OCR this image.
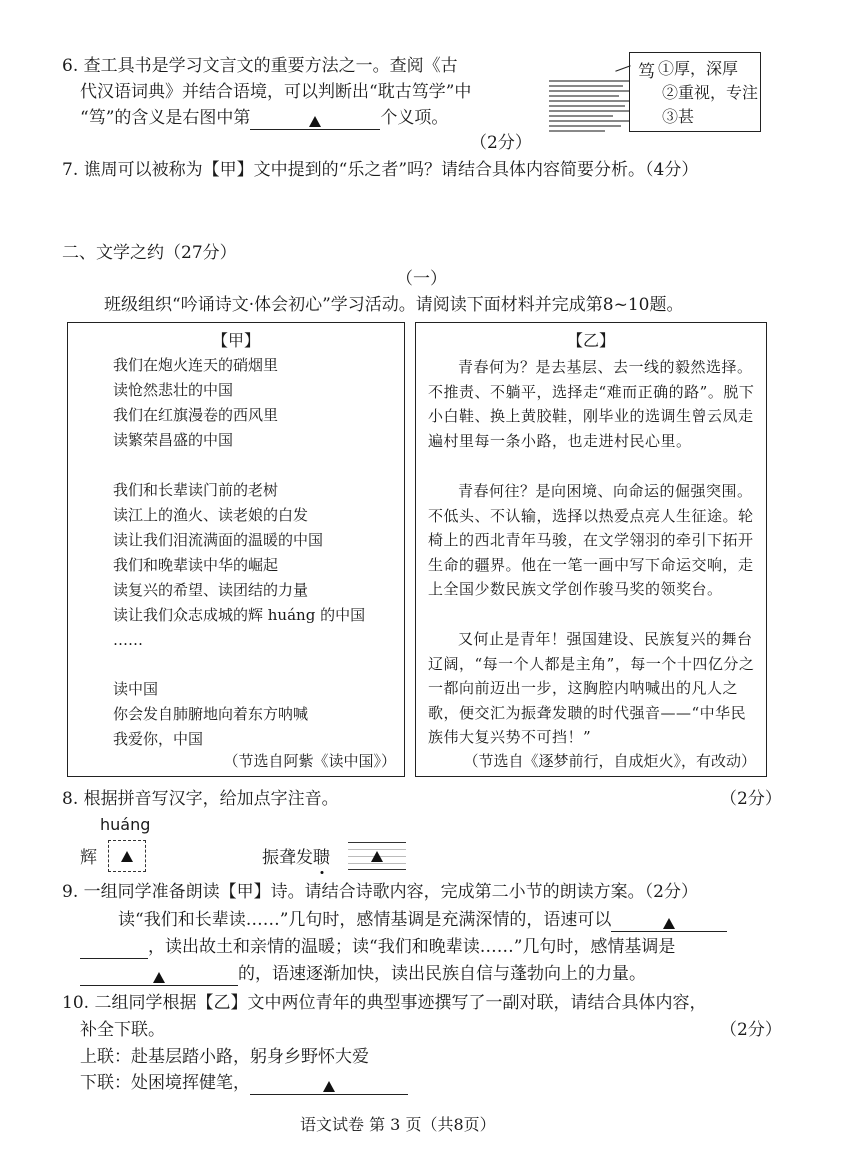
6. 查工具书是学习文言文的重要方法之一。查阅《古
代汉语词典》并结合语境，可以判断出“耽古笃学”中
“笃”的含义是右图中第	个义项。
（2分）
笃 ①厚，深厚
②重视，专注
③甚
7. 谯周可以被称为【甲】文中提到的“乐之者”吗？请结合具体内容简要分析。（4分）
二、文学之约（27分）
（一）
班级组织“吟诵诗文·体会初心”学习活动。请阅读下面材料并完成第8~10题。
【甲】
我们在炮火连天的硝烟里
读怆然悲壮的中国
我们在红旗漫卷的西风里
读繁荣昌盛的中国
我们和长辈读门前的老树
读江上的渔火、读老娘的白发
读让我们泪流满面的温暖的中国
我们和晚辈读中华的崛起
读复兴的希望、读团结的力量
读让我们众志成城的辉 huáng 的中国
……
读中国
你会发自肺腑地向着东方呐喊
我爱你，中国
（节选自阿紫《读中国》）
【乙】
青春何为？是去基层、去一线的毅然选择。不推责、不躺平，选择走“难而正确的路”。脱下小白鞋、换上黄胶鞋，刚毕业的选调生曾云凤走遍村里每一条小路，也走进村民心里。
青春何往？是向困境、向命运的倔强突围。不低头、不认输，选择以热爱点亮人生征途。轮椅上的西北青年马骏，在文学翎羽的牵引下拓开生命的疆界。他在一笔一画中写下命运交响，走上全国少数民族文学创作骏马奖的领奖台。
又何止是青年！强国建设、民族复兴的舞台辽阔，“每一个人都是主角”，每一个十四亿分之一都向前迈出一步，这胸腔内呐喊出的凡人之歌，便交汇为振聋发聩的时代强音——“中华民族伟大复兴势不可挡！”
（节选自《逐梦前行，自成炬火》，有改动）
8. 根据拼音写汉字，给加点字注音。	（2分）
huáng
辉	振聋发聩
9. 一组同学准备朗读【甲】诗。请结合诗歌内容，完成第二小节的朗读方案。（2分）
读“我们和长辈读……”几句时，感情基调是充满深情的，语速可以
，读出故土和亲情的温暖；读“我们和晚辈读……”几句时，感情基调是
的，语速逐渐加快，读出民族自信与蓬勃向上的力量。
10. 二组同学根据【乙】文中两位青年的典型事迹撰写了一副对联，请结合具体内容，
补全下联。	（2分）
上联：赴基层踏小路，躬身乡野怀大爱
下联：处困境挥健笔，
语文试卷 第 3 页（共8页）
